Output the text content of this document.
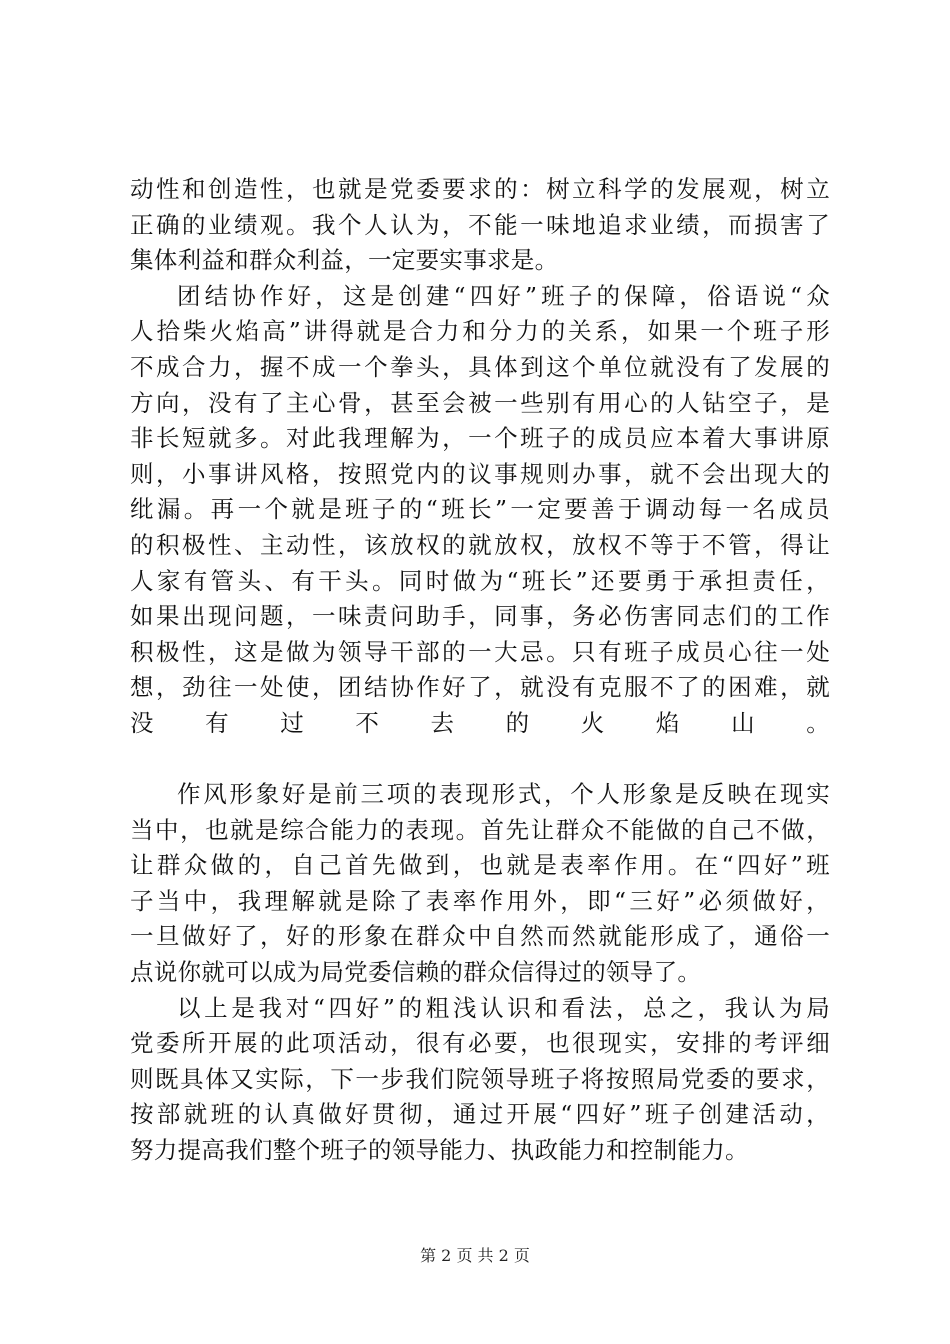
动性和创造性，也就是党委要求的：树立科学的发展观，树立
正确的业绩观。我个人认为，不能一味地追求业绩，而损害了
集体利益和群众利益，一定要实事求是。
团结协作好，这是创建“四好”班子的保障，俗语说“众
人拾柴火焰高”讲得就是合力和分力的关系，如果一个班子形
不成合力，握不成一个拳头，具体到这个单位就没有了发展的
方向，没有了主心骨，甚至会被一些别有用心的人钻空子，是
非长短就多。对此我理解为，一个班子的成员应本着大事讲原
则，小事讲风格，按照党内的议事规则办事，就不会出现大的
纰漏。再一个就是班子的“班长”一定要善于调动每一名成员
的积极性、主动性，该放权的就放权，放权不等于不管，得让
人家有管头、有干头。同时做为“班长”还要勇于承担责任，
如果出现问题，一味责问助手，同事，务必伤害同志们的工作
积极性，这是做为领导干部的一大忌。只有班子成员心往一处
想，劲往一处使，团结协作好了，就没有克服不了的困难，就
没有过不去的火焰山。
作风形象好是前三项的表现形式，个人形象是反映在现实
当中，也就是综合能力的表现。首先让群众不能做的自己不做，
让群众做的，自己首先做到，也就是表率作用。在“四好”班
子当中，我理解就是除了表率作用外，即“三好”必须做好，
一旦做好了，好的形象在群众中自然而然就能形成了，通俗一
点说你就可以成为局党委信赖的群众信得过的领导了。
以上是我对“四好”的粗浅认识和看法，总之，我认为局
党委所开展的此项活动，很有必要，也很现实，安排的考评细
则既具体又实际，下一步我们院领导班子将按照局党委的要求，
按部就班的认真做好贯彻，通过开展“四好”班子创建活动，
努力提高我们整个班子的领导能力、执政能力和控制能力。
第 2 页 共 2 页
